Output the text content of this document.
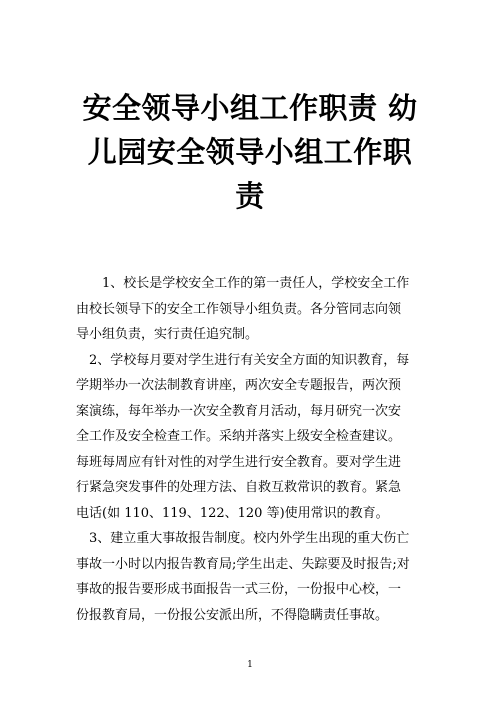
安全领导小组工作职责 幼
儿园安全领导小组工作职
责

1、校长是学校安全工作的第一责任人，学校安全工作
由校长领导下的安全工作领导小组负责。各分管同志向领
导小组负责，实行责任追究制。

2、学校每月要对学生进行有关安全方面的知识教育，每
学期举办一次法制教育讲座，两次安全专题报告，两次预
案演练，每年举办一次安全教育月活动，每月研究一次安
全工作及安全检查工作。采纳并落实上级安全检查建议。
每班每周应有针对性的对学生进行安全教育。要对学生进
行紧急突发事件的处理方法、自救互救常识的教育。紧急
电话(如 110、119、122、120 等)使用常识的教育。

3、建立重大事故报告制度。校内外学生出现的重大伤亡
事故一小时以内报告教育局;学生出走、失踪要及时报告;对
事故的报告要形成书面报告一式三份，一份报中心校，一
份报教育局，一份报公安派出所，不得隐瞒责任事故。

1
